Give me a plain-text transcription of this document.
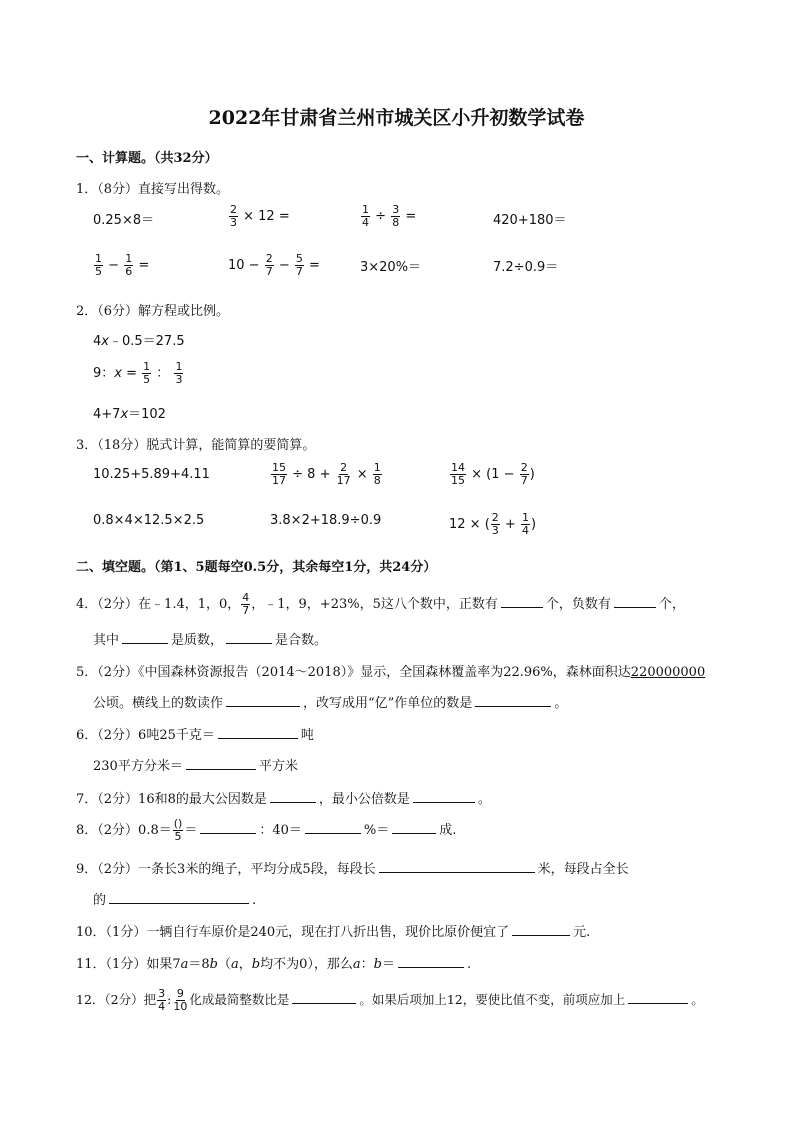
2022年甘肃省兰州市城关区小升初数学试卷
一、计算题。（共32分）
1．（8分）直接写出得数。
0.25×8＝	$\frac{2}{3} \times 12$ =	$\frac{1}{4} \div \frac{3}{8}$ =	420+180＝
$\frac{1}{5} - \frac{1}{6}$ =	$10 - \frac{2}{7} - \frac{5}{7}$ =	3×20%＝	7.2÷0.9＝
2．（6分）解方程或比例。
4x﹣0.5＝27.5
9：$x = \frac{1}{5}$ ： $\frac{1}{3}$
4+7x＝102
3．（18分）脱式计算，能简算的要简算。
10.25+5.89+4.11	$\frac{15}{17} \div 8 + \frac{2}{17} \times \frac{1}{8}$	$\frac{14}{15} \times (1 - \frac{2}{7}$ )
0.8×4×12.5×2.5	3.8×2+18.9÷0.9	12 × ( $\frac{2}{3} + \frac{1}{4}$ )
二、填空题。（第1、5题每空0.5分，其余每空1分，共24分）
4．（2分）在﹣1.4，1，0， $\frac{4}{7}$ ，﹣1，9，+23%，5这八个数中，正数有	个，负数有	个，
其中	是质数，	是合数。
5．（2分）《中国森林资源报告（2014～2018）》显示，全国森林覆盖率为22.96%，森林面积达220000000
公顷。横线上的数读作	，改写成用“亿”作单位的数是	。
6．（2分）6吨25千克＝	吨
230平方分米＝	平方米
7．（2分）16和8的最大公因数是	，最小公倍数是	。
8．（2分）$0.8= \frac{()}{5}$ ＝	：40＝	%＝	成.
9．（2分）一条长3米的绳子，平均分成5段，每段长	米，每段占全长
的	.
10．（1分）一辆自行车原价是240元，现在打八折出售，现价比原价便宜了	元.
11．（1分）如果7a＝8b（a，b均不为0），那么a：b＝	.
12．（2分）把 $\frac{3}{4}$ : $\frac{9}{10}$ 化成最简整数比是	。如果后项加上12，要使比值不变，前项应加上	。
